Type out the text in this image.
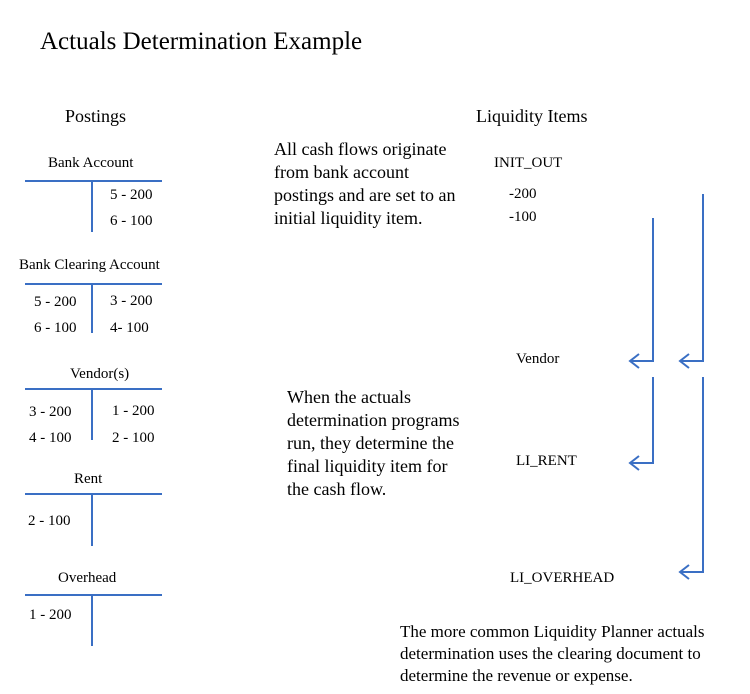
Actuals Determination Example
Postings
Bank Account
5 - 200
6 - 100
Bank Clearing Account
5 - 200
6 - 100
3 - 200
4- 100
Vendor(s)
3 - 200
4 - 100
1 - 200
2 - 100
Rent
2 - 100
Overhead
1 - 200
All cash flows originate from bank account postings and are set to an initial liquidity item.
When the actuals determination programs run, they determine the final liquidity item for the cash flow.
The more common Liquidity Planner actuals determination uses the clearing document to determine the revenue or expense.
Liquidity Items
INIT_OUT
-200
-100
Vendor
LI_RENT
LI_OVERHEAD
